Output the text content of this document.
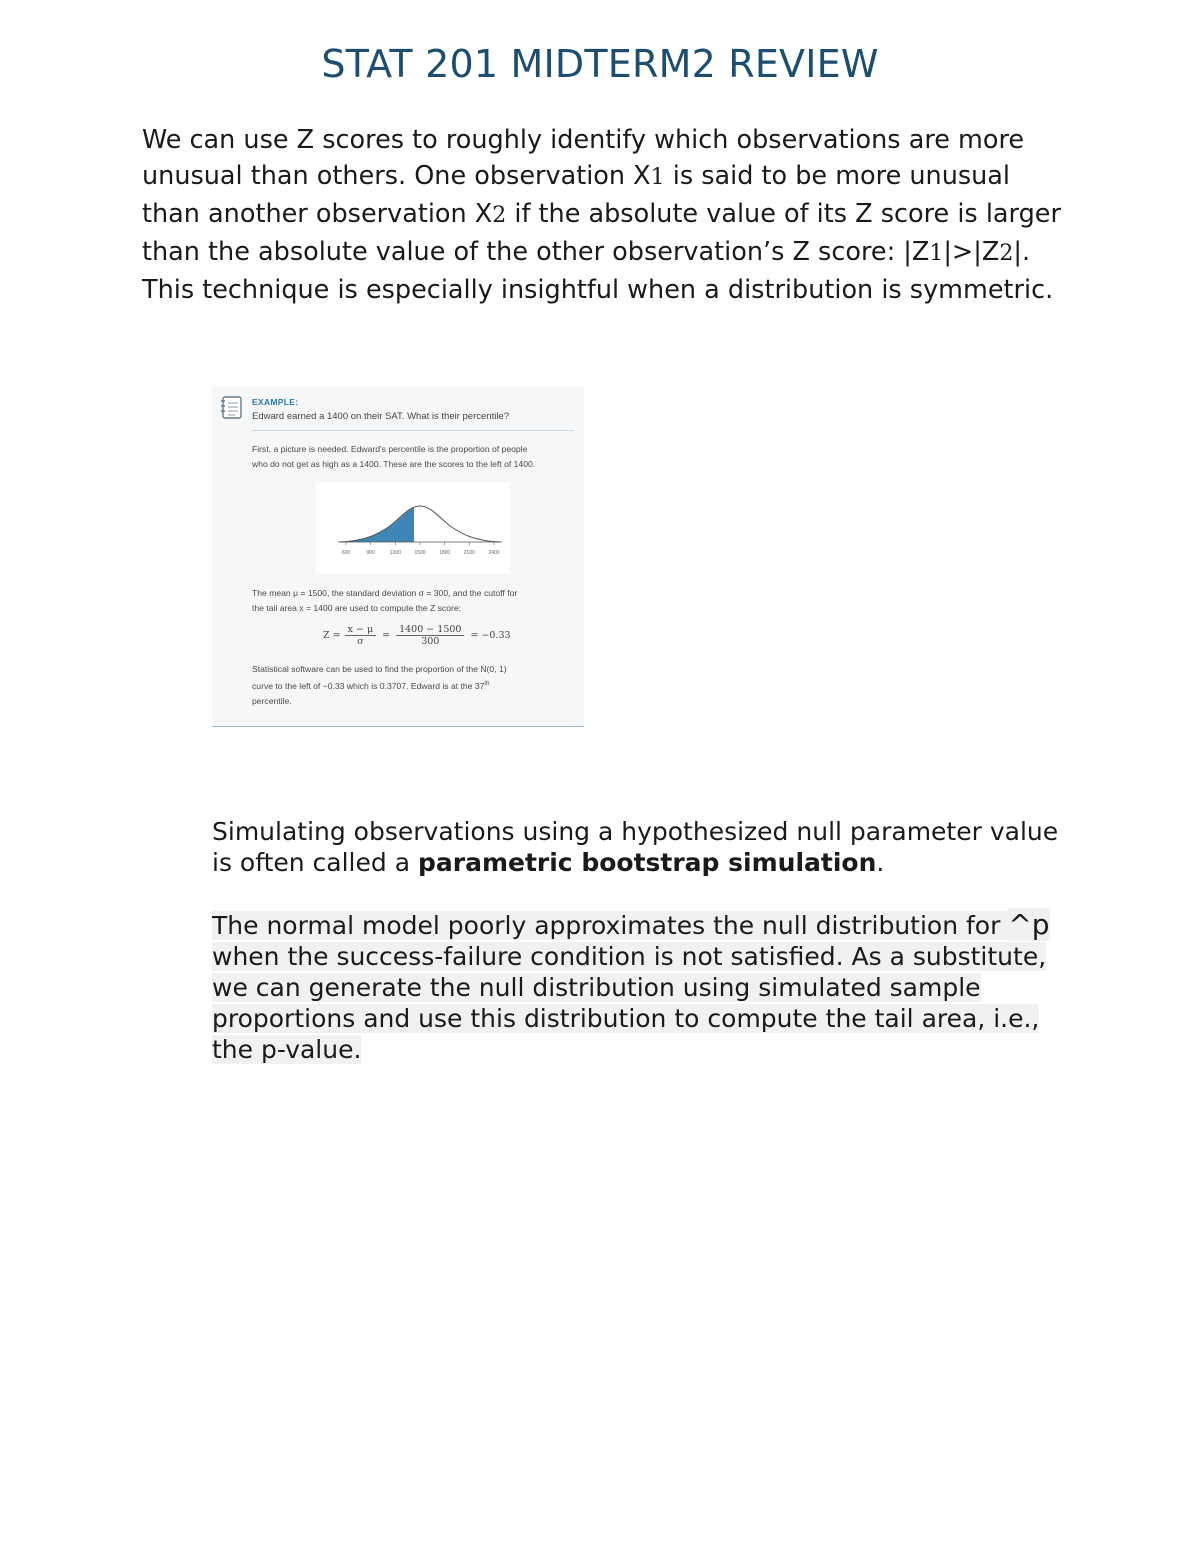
STAT 201 MIDTERM2 REVIEW
We can use Z scores to roughly identify which observations are more unusual than others. One observation X1 is said to be more unusual than another observation X2 if the absolute value of its Z score is larger than the absolute value of the other observation’s Z score: |Z1|>|Z2|. This technique is especially insightful when a distribution is symmetric.
EXAMPLE:
Edward earned a 1400 on their SAT. What is their percentile?
First, a picture is needed. Edward's percentile is the proportion of people
who do not get as high as a 1400. These are the scores to the left of 1400.
600	900	1200	1500	1800	2100	2400
The mean μ = 1500, the standard deviation σ = 300, and the cutoff for
the tail area x = 1400 are used to compute the Z score:
Z =	x − μ	=	1400 − 1500	= −0.33
	σ		300	
Statistical software can be used to find the proportion of the N(0, 1)
curve to the left of −0.33 which is 0.3707. Edward is at the 37th
percentile.
Simulating observations using a hypothesized null parameter value is often called a parametric bootstrap simulation.
The normal model poorly approximates the null distribution for ^p when the success-failure condition is not satisfied. As a substitute, we can generate the null distribution using simulated sample proportions and use this distribution to compute the tail area, i.e., the p-value.
